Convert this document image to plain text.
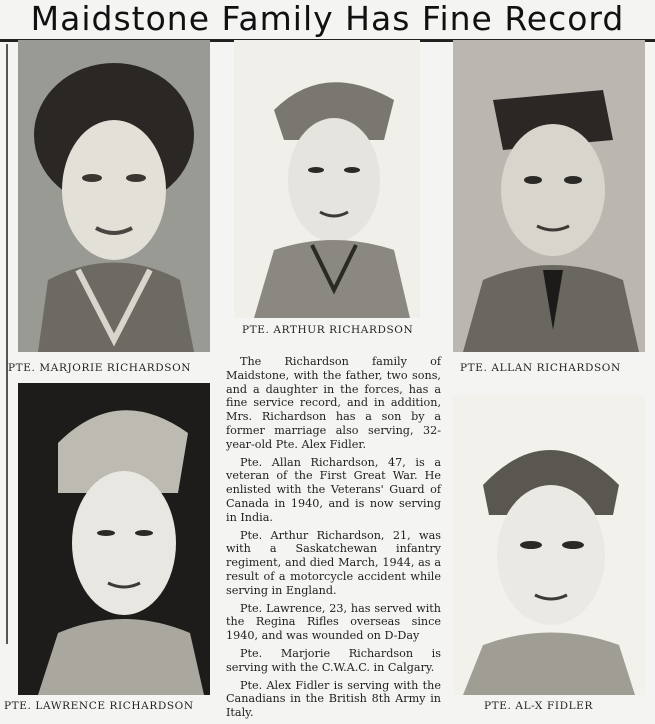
Maidstone Family Has Fine Record
PTE. MARJORIE RICHARDSON
PTE. ARTHUR RICHARDSON
PTE. ALLAN RICHARDSON
PTE. LAWRENCE RICHARDSON	PTE. AL-X FIDLER

The Richardson family of Maidstone, with the father, two sons, and a daughter in the forces, has a fine service record, and in addition, Mrs. Richardson has a son by a former marriage also serving, 32-year-old Pte. Alex Fidler.

Pte. Allan Richardson, 47, is a veteran of the First Great War. He enlisted with the Veterans' Guard of Canada in 1940, and is now serving in India.

Pte. Arthur Richardson, 21, was with a Saskatchewan infantry regiment, and died March, 1944, as a result of a motorcycle accident while serving in England.

Pte. Lawrence, 23, has served with the Regina Rifles overseas since 1940, and was wounded on D-Day

Pte. Marjorie Richardson is serving with the C.W.A.C. in Calgary.

Pte. Alex Fidler is serving with the Canadians in the British 8th Army in Italy.
